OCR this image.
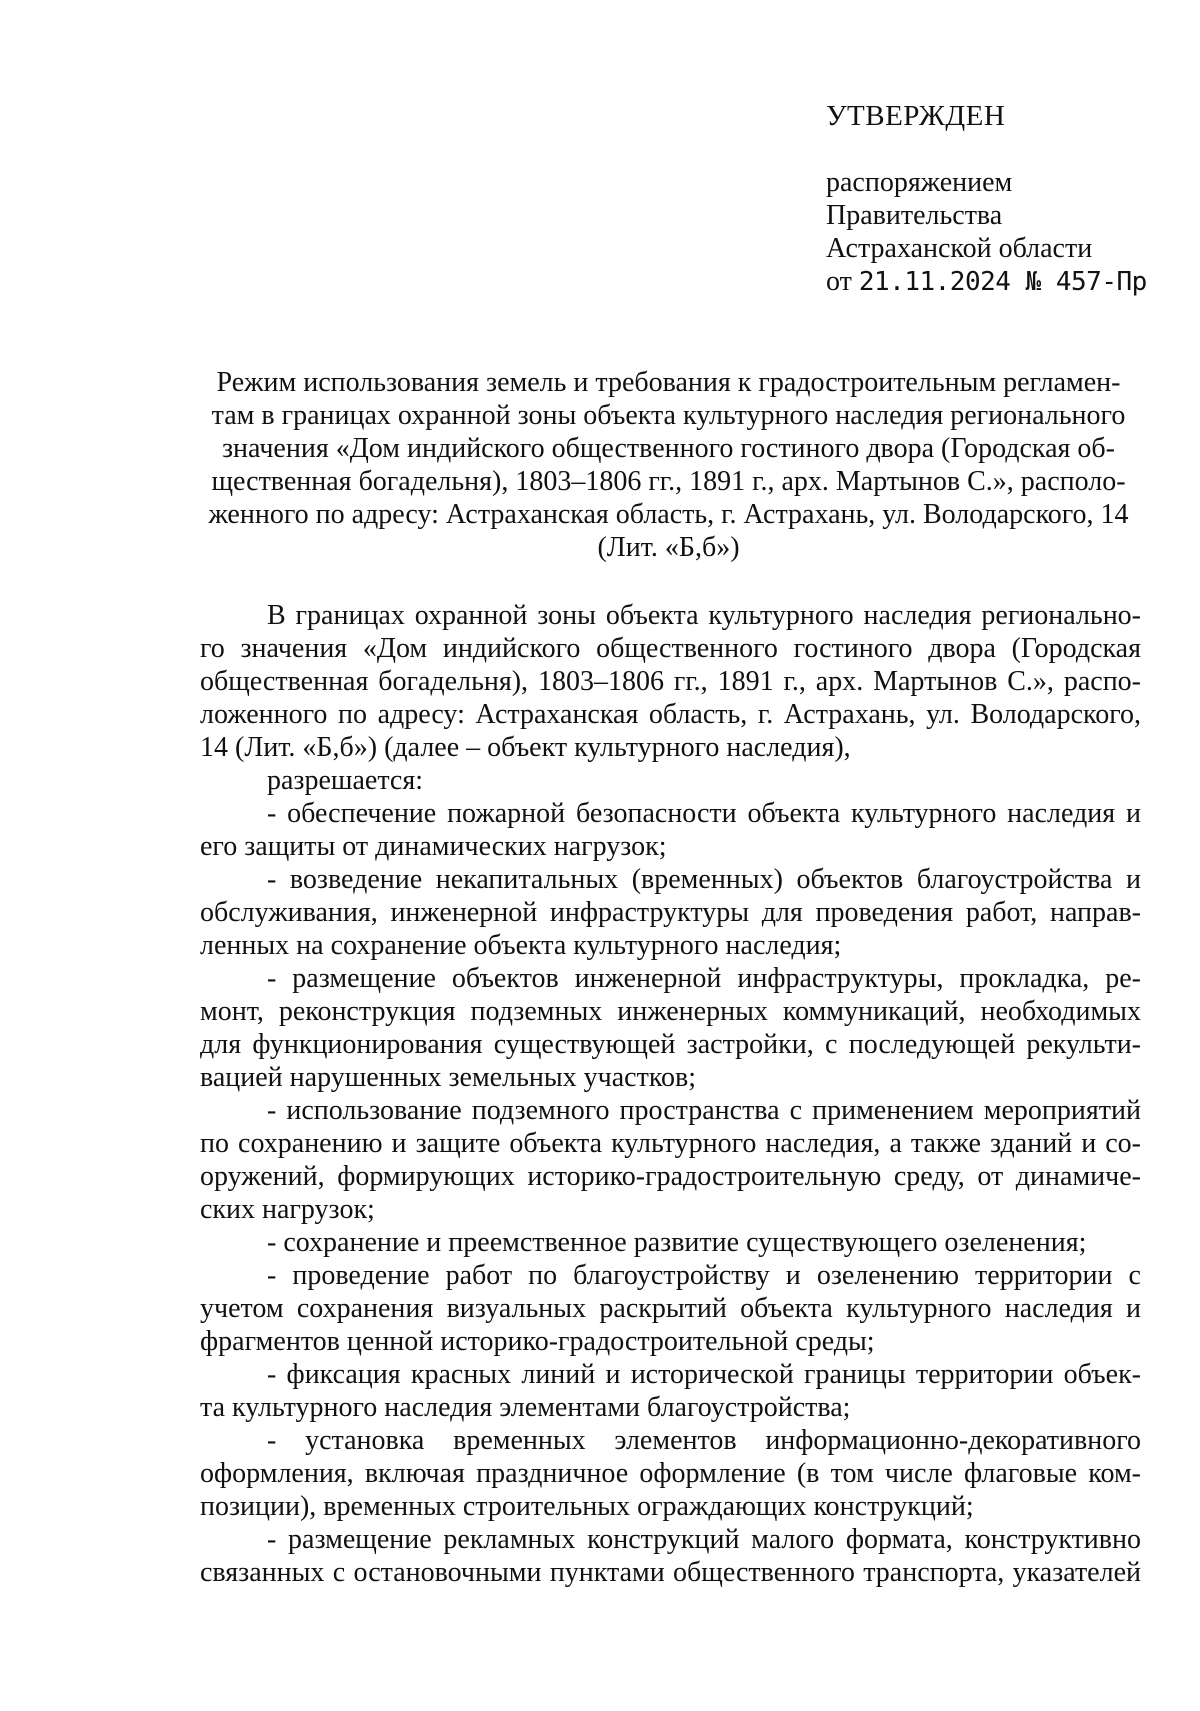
УТВЕРЖДЕН
распоряжением
Правительства
Астраханской области
от 21.11.2024 № 457-Пр
Режим использования земель и требования к градостроительным регламен-
там в границах охранной зоны объекта культурного наследия регионального
значения «Дом индийского общественного гостиного двора (Городская об-
щественная богадельня), 1803–1806 гг., 1891 г., арх. Мартынов С.», располо-
женного по адресу: Астраханская область, г. Астрахань, ул. Володарского, 14
(Лит. «Б,б»)
В границах охранной зоны объекта культурного наследия регионально-
го значения «Дом индийского общественного гостиного двора (Городская
общественная богадельня), 1803–1806 гг., 1891 г., арх. Мартынов С.», распо-
ложенного по адресу: Астраханская область, г. Астрахань, ул. Володарского,
14 (Лит. «Б,б») (далее – объект культурного наследия),
разрешается:
- обеспечение пожарной безопасности объекта культурного наследия и
его защиты от динамических нагрузок;
- возведение некапитальных (временных) объектов благоустройства и
обслуживания, инженерной инфраструктуры для проведения работ, направ-
ленных на сохранение объекта культурного наследия;
- размещение объектов инженерной инфраструктуры, прокладка, ре-
монт, реконструкция подземных инженерных коммуникаций, необходимых
для функционирования существующей застройки, с последующей рекульти-
вацией нарушенных земельных участков;
- использование подземного пространства с применением мероприятий
по сохранению и защите объекта культурного наследия, а также зданий и со-
оружений, формирующих историко-градостроительную среду, от динамиче-
ских нагрузок;
- сохранение и преемственное развитие существующего озеленения;
- проведение работ по благоустройству и озеленению территории с
учетом сохранения визуальных раскрытий объекта культурного наследия и
фрагментов ценной историко-градостроительной среды;
- фиксация красных линий и исторической границы территории объек-
та культурного наследия элементами благоустройства;
- установка временных элементов информационно-декоративного
оформления, включая праздничное оформление (в том числе флаговые ком-
позиции), временных строительных ограждающих конструкций;
- размещение рекламных конструкций малого формата, конструктивно
связанных с остановочными пунктами общественного транспорта, указателей
